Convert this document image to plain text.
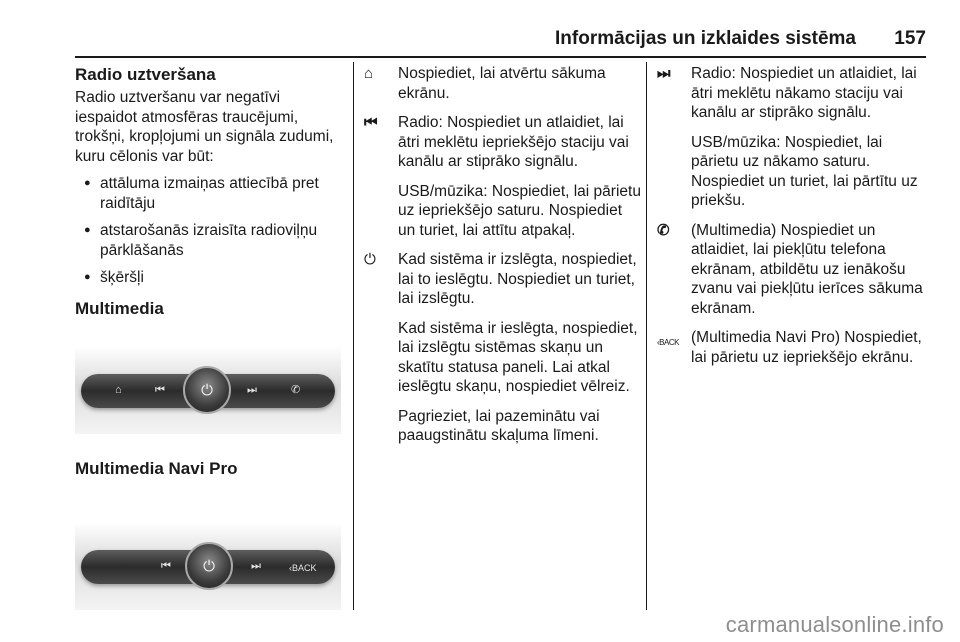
Informācijas un izklaides sistēma 157
Radio uztveršana
Radio uztveršanu var negatīvi iespaidot atmosfēras traucējumi, trokšņi, kropļojumi un signāla zudumi, kuru cēlonis var būt:
● attāluma izmaiņas attiecībā pret raidītāju
● atstarošanās izraisīta radioviļņu pārklāšanās
● šķēršļi
Multimedia
⌂	⏮	⏻	⏭	✆
Multimedia Navi Pro
⏮	⏻	⏭	‹BACK
⌂	Nospiediet, lai atvērtu sākuma ekrānu.
⏮	Radio: Nospiediet un atlaidiet, lai ātri meklētu iepriekšējo staciju vai kanālu ar stiprāko signālu.
USB/mūzika: Nospiediet, lai pārietu uz iepriekšējo saturu. Nospiediet un turiet, lai attītu atpakaļ.
⏻	Kad sistēma ir izslēgta, nospiediet, lai to ieslēgtu. Nospiediet un turiet, lai izslēgtu.
Kad sistēma ir ieslēgta, nospiediet, lai izslēgtu sistēmas skaņu un skatītu statusa paneli. Lai atkal ieslēgtu skaņu, nospiediet vēlreiz.
Pagrieziet, lai pazeminātu vai paaugstinātu skaļuma līmeni.
⏭	Radio: Nospiediet un atlaidiet, lai ātri meklētu nākamo staciju vai kanālu ar stiprāko signālu.
USB/mūzika: Nospiediet, lai pārietu uz nākamo saturu. Nospiediet un turiet, lai pārtītu uz priekšu.
✆	(Multimedia) Nospiediet un atlaidiet, lai piekļūtu telefona ekrānam, atbildētu uz ienākošu zvanu vai piekļūtu ierīces sākuma ekrānam.
‹BACK (Multimedia Navi Pro) Nospiediet, lai pārietu uz iepriekšējo ekrānu.
carmanualsonline.info
